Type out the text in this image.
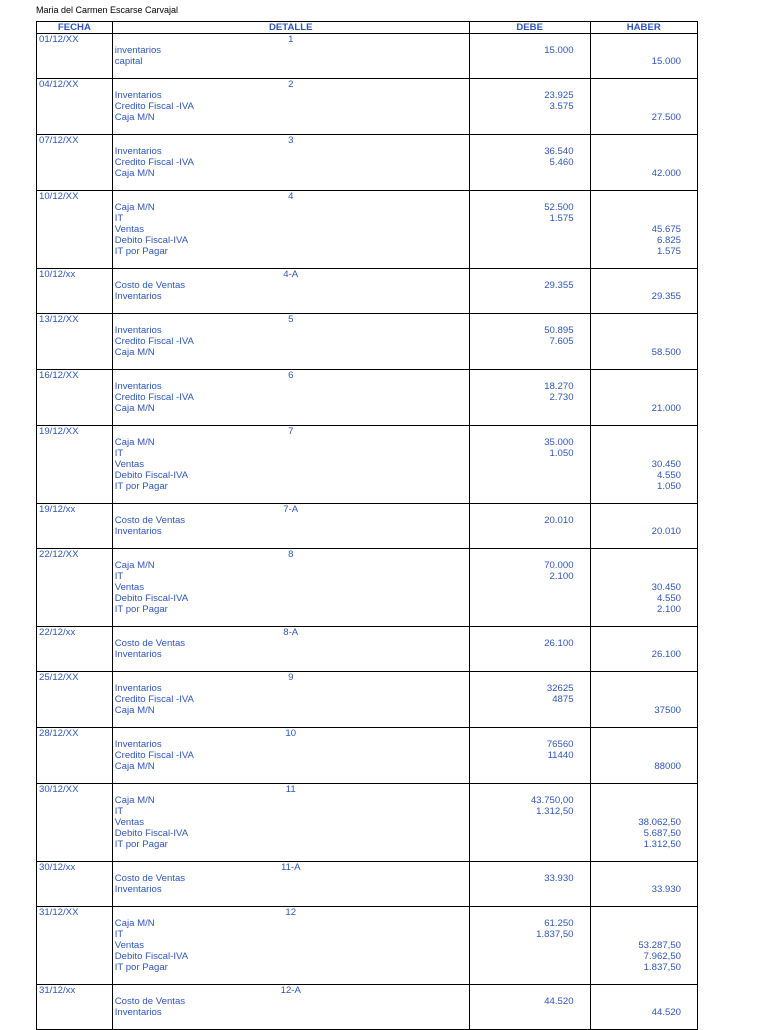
Maria del Carmen Escarse Carvajal
FECHA	DETALLE	DEBE	HABER
01/12/XX	1		
	inventarios	15.000	
	capital		15.000

04/12/XX	2		
	Inventarios	23.925	
	Credito Fiscal -IVA	3.575	
	Caja M/N		27.500

07/12/XX	3		
	Inventarios	36.540	
	Credito Fiscal -IVA	5.460	
	Caja M/N		42.000

10/12/XX	4		
	Caja M/N	52.500	
	IT	1.575	
	Ventas		45.675
	Debito Fiscal-IVA		6.825
	IT por Pagar		1.575

10/12/xx	4-A		
	Costo de Ventas	29.355	
	Inventarios		29.355

13/12/XX	5		
	Inventarios	50.895	
	Credito Fiscal -IVA	7.605	
	Caja M/N		58.500

16/12/XX	6		
	Inventarios	18.270	
	Credito Fiscal -IVA	2.730	
	Caja M/N		21.000

19/12/XX	7		
	Caja M/N	35.000	
	IT	1.050	
	Ventas		30.450
	Debito Fiscal-IVA		4.550
	IT por Pagar		1.050

19/12/xx	7-A		
	Costo de Ventas	20.010	
	Inventarios		20.010

22/12/XX	8		
	Caja M/N	70.000	
	IT	2.100	
	Ventas		30.450
	Debito Fiscal-IVA		4.550
	IT por Pagar		2.100

22/12/xx	8-A		
	Costo de Ventas	26.100	
	Inventarios		26.100

25/12/XX	9		
	Inventarios	32625	
	Credito Fiscal -IVA	4875	
	Caja M/N		37500

28/12/XX	10		
	Inventarios	76560	
	Credito Fiscal -IVA	11440	
	Caja M/N		88000

30/12/XX	11		
	Caja M/N	43.750,00	
	IT	1.312,50	
	Ventas		38.062,50
	Debito Fiscal-IVA		5.687,50
	IT por Pagar		1.312,50

30/12/xx	11-A		
	Costo de Ventas	33.930	
	Inventarios		33.930

31/12/XX	12		
	Caja M/N	61.250	
	IT	1.837,50	
	Ventas		53.287,50
	Debito Fiscal-IVA		7.962,50
	IT por Pagar		1.837,50

31/12/xx	12-A		
	Costo de Ventas	44.520	
	Inventarios		44.520
